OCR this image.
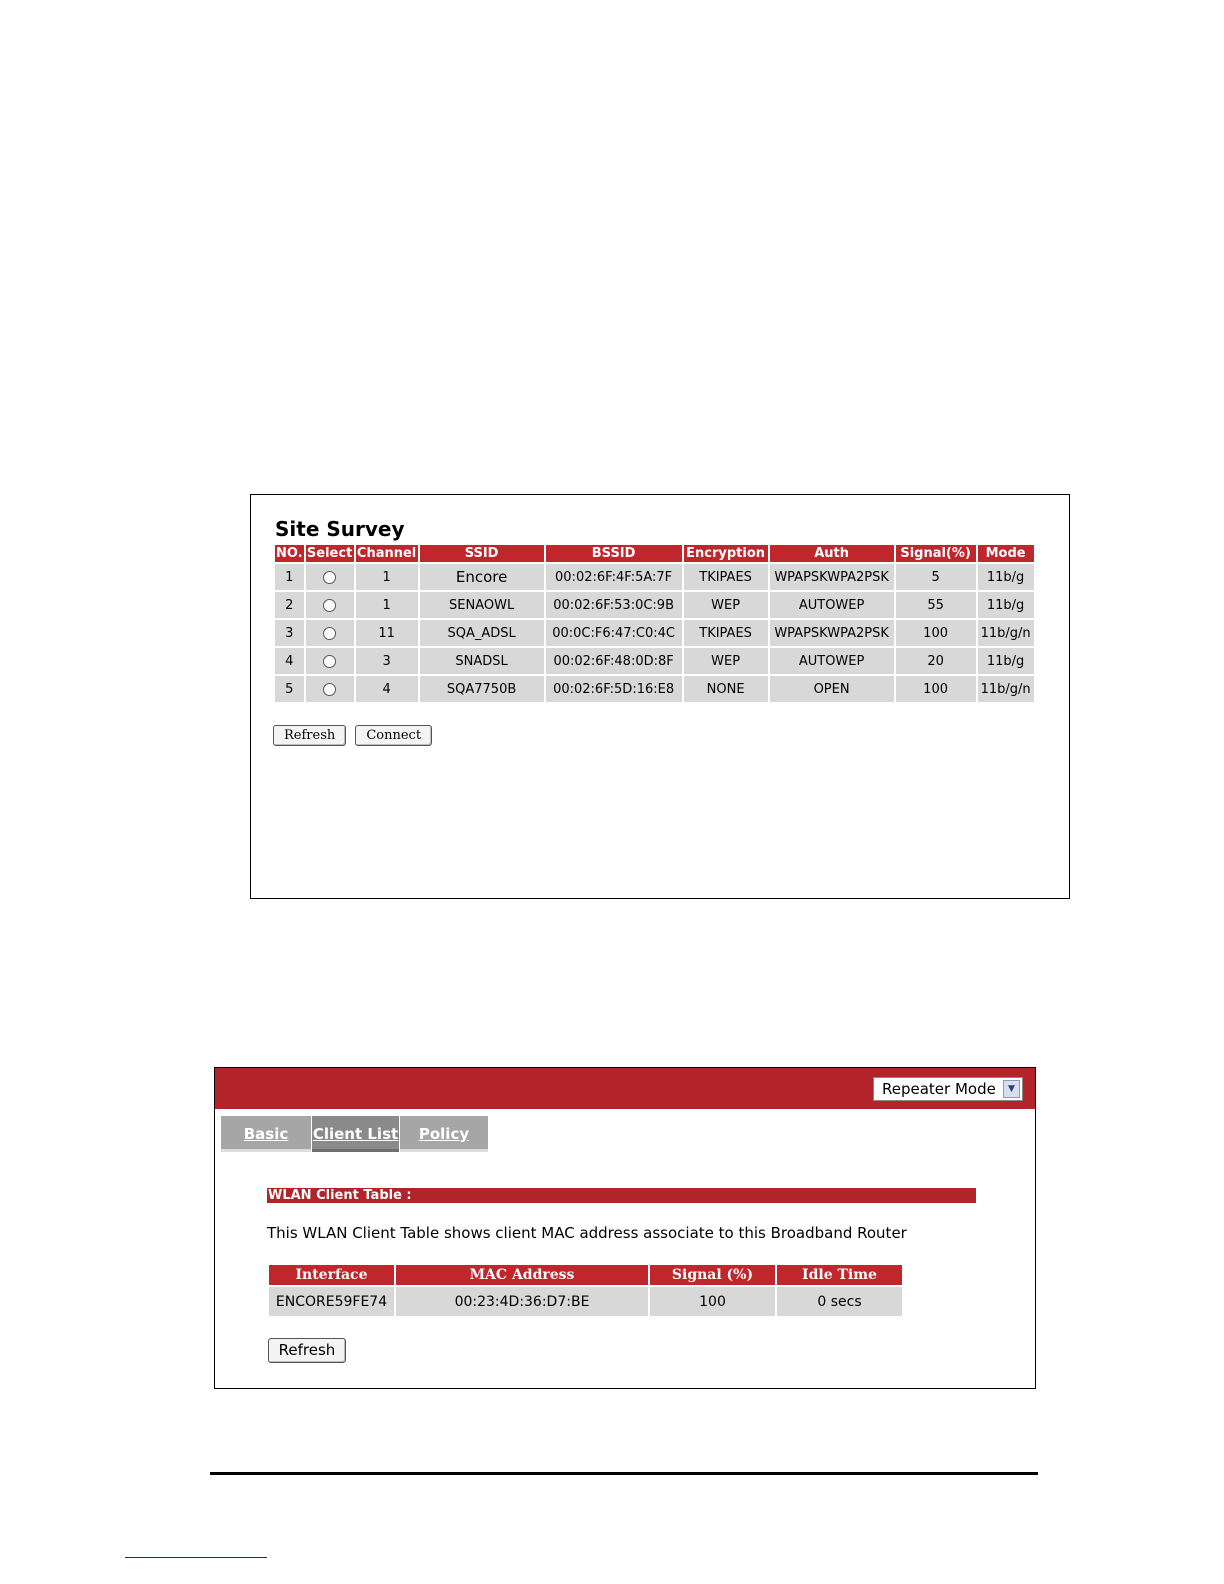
Site Survey
NO.	Select	Channel	SSID	BSSID	Encryption	Auth	Signal(%)	Mode
1		1	Encore	00:02:6F:4F:5A:7F	TKIPAES	WPAPSKWPA2PSK	5	11b/g
2		1	SENAOWL	00:02:6F:53:0C:9B	WEP	AUTOWEP	55	11b/g
3		11	SQA_ADSL	00:0C:F6:47:C0:4C	TKIPAES	WPAPSKWPA2PSK	100	11b/g/n
4		3	SNADSL	00:02:6F:48:0D:8F	WEP	AUTOWEP	20	11b/g
5		4	SQA7750B	00:02:6F:5D:16:E8	NONE	OPEN	100	11b/g/n
Refresh Connect
Repeater Mode	▼
Basic	Client List	Policy
WLAN Client Table :
This WLAN Client Table shows client MAC address associate to this Broadband Router
Interface	MAC Address	Signal (%)	Idle Time
ENCORE59FE74	00:23:4D:36:D7:BE	100	0 secs
Refresh
